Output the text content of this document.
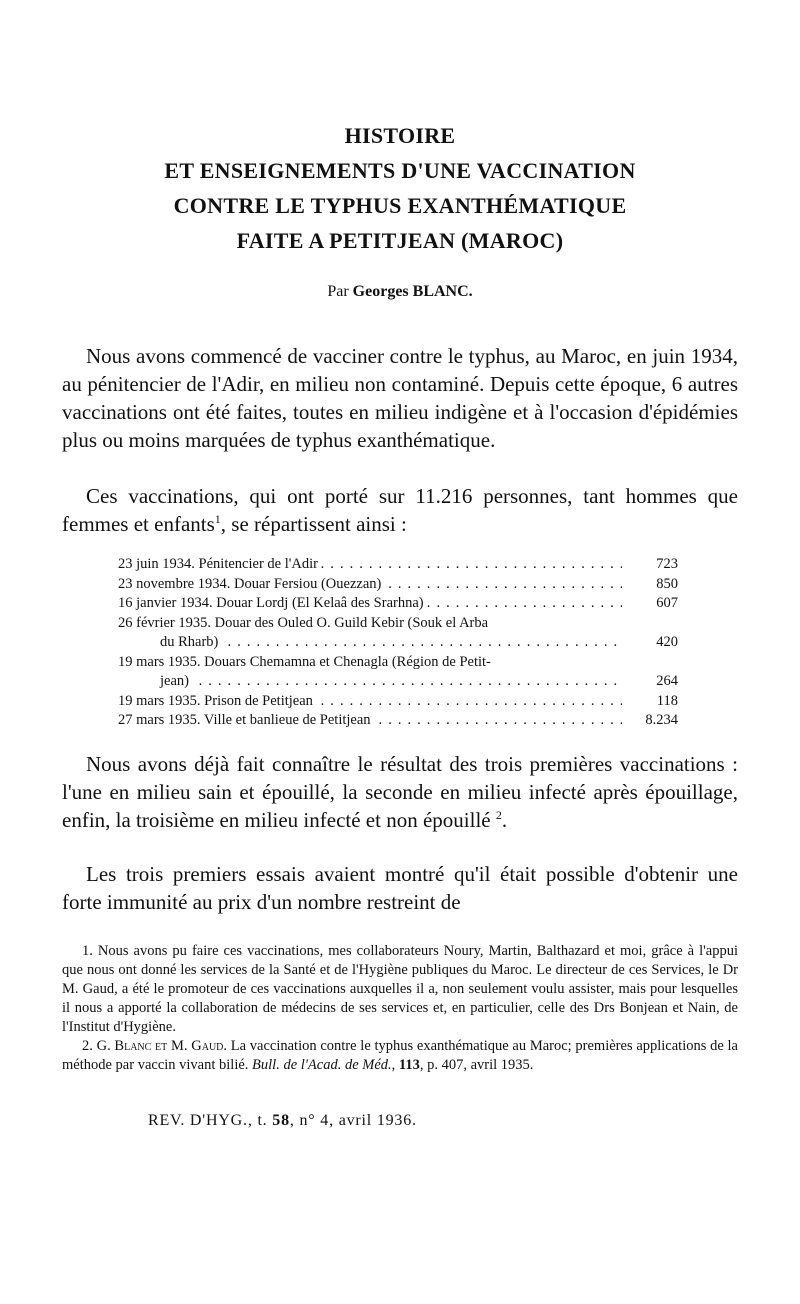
HISTOIRE

ET ENSEIGNEMENTS D'UNE VACCINATION

CONTRE LE TYPHUS EXANTHÉMATIQUE

FAITE A PETITJEAN (MAROC)

Par Georges BLANC.

Nous avons commencé de vacciner contre le typhus, au Maroc, en juin 1934, au pénitencier de l'Adir, en milieu non contaminé. Depuis cette époque, 6 autres vaccinations ont été faites, toutes en milieu indigène et à l'occasion d'épidémies plus ou moins marquées de typhus exanthématique.

Ces vaccinations, qui ont porté sur 11.216 personnes, tant hommes que femmes et enfants$^1$, se répartissent ainsi :

23 juin 1934. Pénitencier de l'Adir . . .	723
23 novembre 1934. Douar Fersiou (Ouezzan) . . .	850
16 janvier 1934. Douar Lordj (El Kelaâ des Srarhna) . . .	607
26 février 1935. Douar des Ouled O. Guild Kebir (Souk el Arba
du Rharb) . . .	420
19 mars 1935. Douars Chemamna et Chenagla (Région de Petit-
jean) . . .	264
19 mars 1935. Prison de Petitjean . . .	118
27 mars 1935. Ville et banlieue de Petitjean . . .	8.234

Nous avons déjà fait connaître le résultat des trois premières vaccinations : l'une en milieu sain et épouillé, la seconde en milieu infecté après épouillage, enfin, la troisième en milieu infecté et non épouillé $^2$.

Les trois premiers essais avaient montré qu'il était possible d'obtenir une forte immunité au prix d'un nombre restreint de

1. Nous avons pu faire ces vaccinations, mes collaborateurs Noury, Martin, Balthazard et moi, grâce à l'appui que nous ont donné les services de la Santé et de l'Hygiène publiques du Maroc. Le directeur de ces Services, le Dr M. Gaud, a été le promoteur de ces vaccinations auxquelles il a, non seulement voulu assister, mais pour lesquelles il nous a apporté la collaboration de médecins de ses services et, en particulier, celle des Drs Bonjean et Nain, de l'Institut d'Hygiène.

2. G. Blanc et M. Gaud. La vaccination contre le typhus exanthématique au Maroc; premières applications de la méthode par vaccin vivant bilié. Bull. de l'Acad. de Méd., 113, p. 407, avril 1935.

REV. D'HYG., t. 58, n° 4, avril 1936.
